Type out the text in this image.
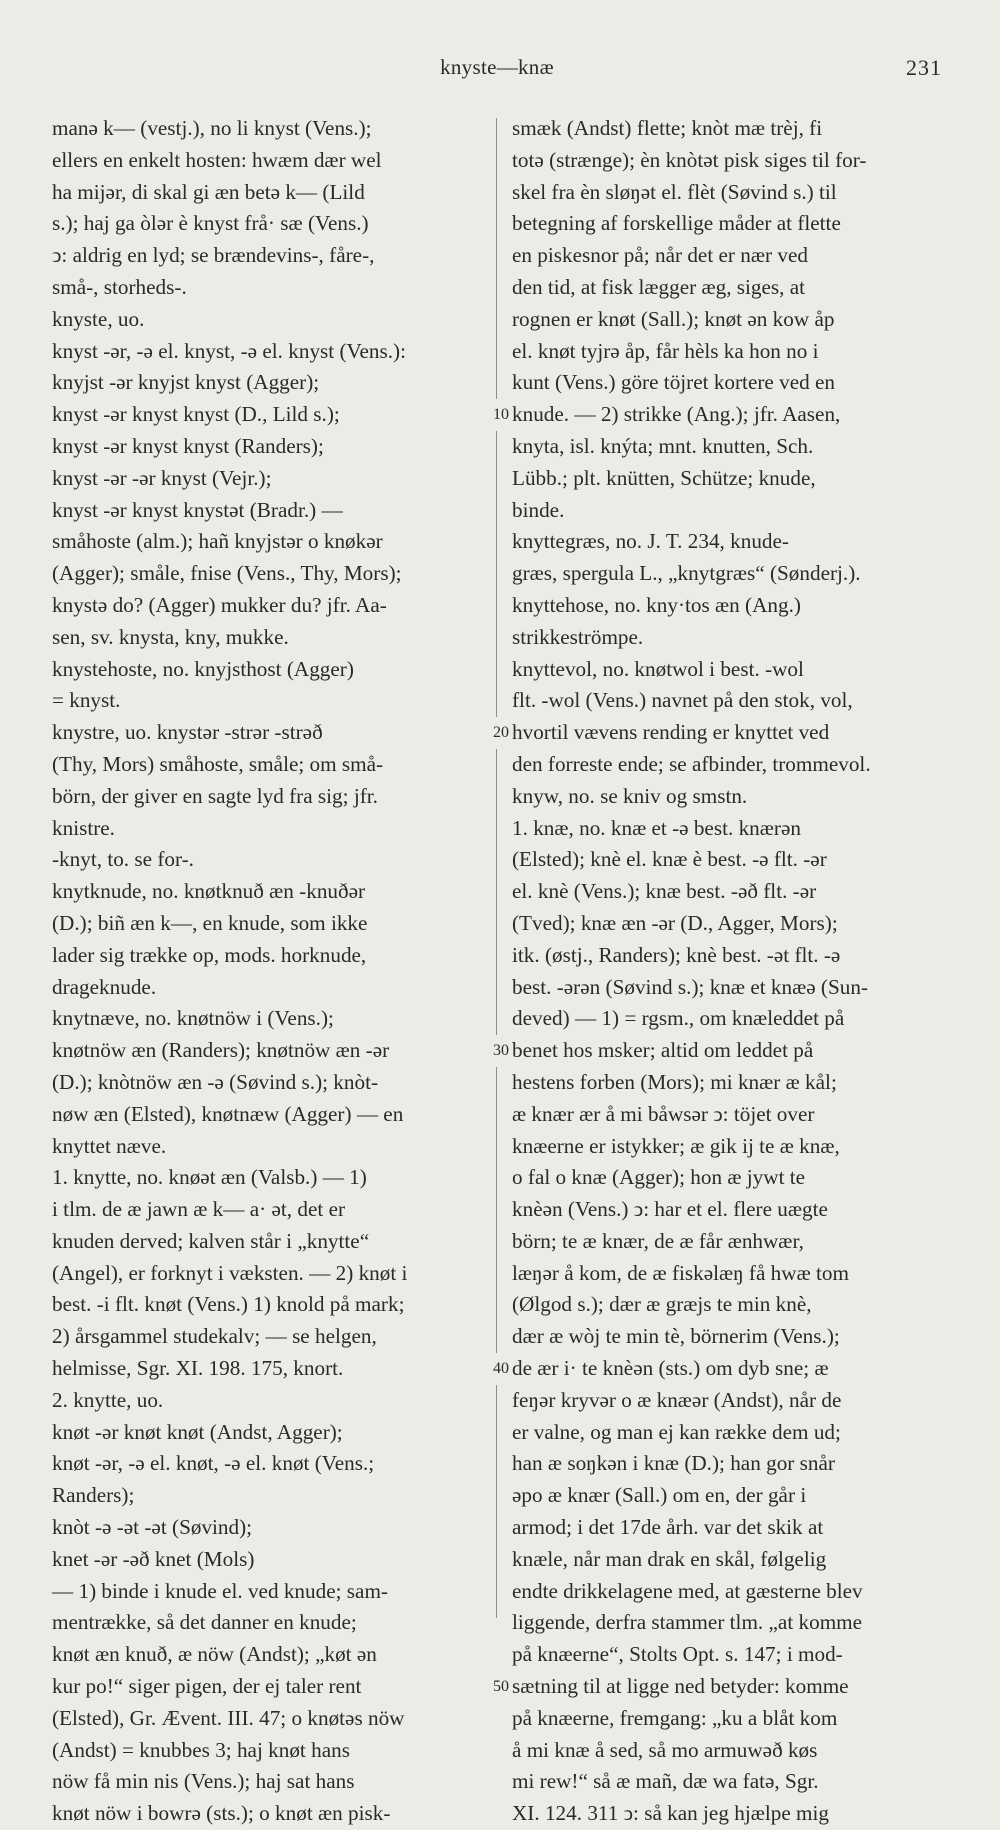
knyste—knæ	231
manə k— (vestj.), no li knyst (Vens.);
ellers en enkelt hosten: hwæm dær wel
ha mijər, di skal gi æn betə k— (Lild
s.); haj ga òlər è knyst frå· sæ (Vens.)
ↄ: aldrig en lyd; se brændevins-, fåre-,
små-, storheds-.
knyste, uo.
knyst -ər, -ə el. knyst, -ə el. knyst (Vens.):
knyjst -ər knyjst knyst (Agger);
knyst -ər knyst knyst (D., Lild s.);
knyst -ər knyst knyst (Randers);
knyst -ər -ər knyst (Vejr.);
knyst -ər knyst knystət (Bradr.) —
småhoste (alm.); hañ knyjstər o knøkər
(Agger); småle, fnise (Vens., Thy, Mors);
knystə do? (Agger) mukker du? jfr. Aa-
sen, sv. knysta, kny, mukke.
knystehoste, no. knyjsthost (Agger)
= knyst.
knystre, uo. knystər -strər -strəð
(Thy, Mors) småhoste, småle; om små-
börn, der giver en sagte lyd fra sig; jfr.
knistre.
-knyt, to. se for-.
knytknude, no. knøtknuð æn -knuðər
(D.); biñ æn k—, en knude, som ikke
lader sig trække op, mods. horknude,
drageknude.
knytnæve, no. knøtnöw i (Vens.);
knøtnöw æn (Randers); knøtnöw æn -ər
(D.); knòtnöw æn -ə (Søvind s.); knòt-
nøw æn (Elsted), knøtnæw (Agger) — en
knyttet næve.
1. knytte, no. knøət æn (Valsb.) — 1)
i tlm. de æ jawn æ k— a· ət, det er
knuden derved; kalven står i „knytte“
(Angel), er forknyt i væksten. — 2) knøt i
best. -i flt. knøt (Vens.) 1) knold på mark;
2) årsgammel studekalv; — se helgen,
helmisse, Sgr. XI. 198. 175, knort.
2. knytte, uo.
knøt -ər knøt knøt (Andst, Agger);
knøt -ər, -ə el. knøt, -ə el. knøt (Vens.;
Randers);
knòt -ə -ət -ət (Søvind);
knet -ər -əð knet (Mols)
— 1) binde i knude el. ved knude; sam-
mentrække, så det danner en knude;
knøt æn knuð, æ nöw (Andst); „køt ən
kur po!“ siger pigen, der ej taler rent
(Elsted), Gr. Ævent. III. 47; o knøtəs nöw
(Andst) = knubbes 3; haj knøt hans
nöw få min nis (Vens.); haj sat hans
knøt nöw i bowrə (sts.); o knøt æn pisk-
10
20
30
40
50
smæk (Andst) flette; knòt mæ trèj, fi
totə (strænge); èn knòtət pisk siges til for-
skel fra èn sløŋət el. flèt (Søvind s.) til
betegning af forskellige måder at flette
en piskesnor på; når det er nær ved
den tid, at fisk lægger æg, siges, at
rognen er knøt (Sall.); knøt ən kow åp
el. knøt tyjrə åp, får hèls ka hon no i
kunt (Vens.) göre töjret kortere ved en
knude. — 2) strikke (Ang.); jfr. Aasen,
knyta, isl. knýta; mnt. knutten, Sch.
Lübb.; plt. knütten, Schütze; knude,
binde.
knyttegræs, no. J. T. 234, knude-
græs, spergula L., „knytgræs“ (Sønderj.).
knyttehose, no. kny·tos æn (Ang.)
strikkeströmpe.
knyttevol, no. knøtwol i best. -wol
flt. -wol (Vens.) navnet på den stok, vol,
hvortil vævens rending er knyttet ved
den forreste ende; se afbinder, trommevol.
knyw, no. se kniv og smstn.
1. knæ, no. knæ et -ə best. knærən
(Elsted); knè el. knæ è best. -ə flt. -ər
el. knè (Vens.); knæ best. -əð flt. -ər
(Tved); knæ æn -ər (D., Agger, Mors);
itk. (østj., Randers); knè best. -ət flt. -ə
best. -ərən (Søvind s.); knæ et knæə (Sun-
deved) — 1) = rgsm., om knæleddet på
benet hos msker; altid om leddet på
hestens forben (Mors); mi knær æ kål;
æ knær ær å mi båwsər ↄ: töjet over
knæerne er istykker; æ gik ij te æ knæ,
o fal o knæ (Agger); hon æ jywt te
knèən (Vens.) ↄ: har et el. flere uægte
börn; te æ knær, de æ får ænhwær,
læŋər å kom, de æ fiskəlæŋ få hwæ tom
(Ølgod s.); dær æ græjs te min knè,
dær æ wòj te min tè, börnerim (Vens.);
de ær i· te knèən (sts.) om dyb sne; æ
feŋər kryvər o æ knæər (Andst), når de
er valne, og man ej kan række dem ud;
han æ soŋkən i knæ (D.); han gor snår
əpo æ knær (Sall.) om en, der går i
armod; i det 17de årh. var det skik at
knæle, når man drak en skål, følgelig
endte drikkelagene med, at gæsterne blev
liggende, derfra stammer tlm. „at komme
på knæerne“, Stolts Opt. s. 147; i mod-
sætning til at ligge ned betyder: komme
på knæerne, fremgang: „ku a blåt kom
å mi knæ å sed, så mo armuwəð køs
mi rew!“ så æ mañ, dæ wa fatə, Sgr.
XI. 124. 311 ↄ: så kan jeg hjælpe mig
